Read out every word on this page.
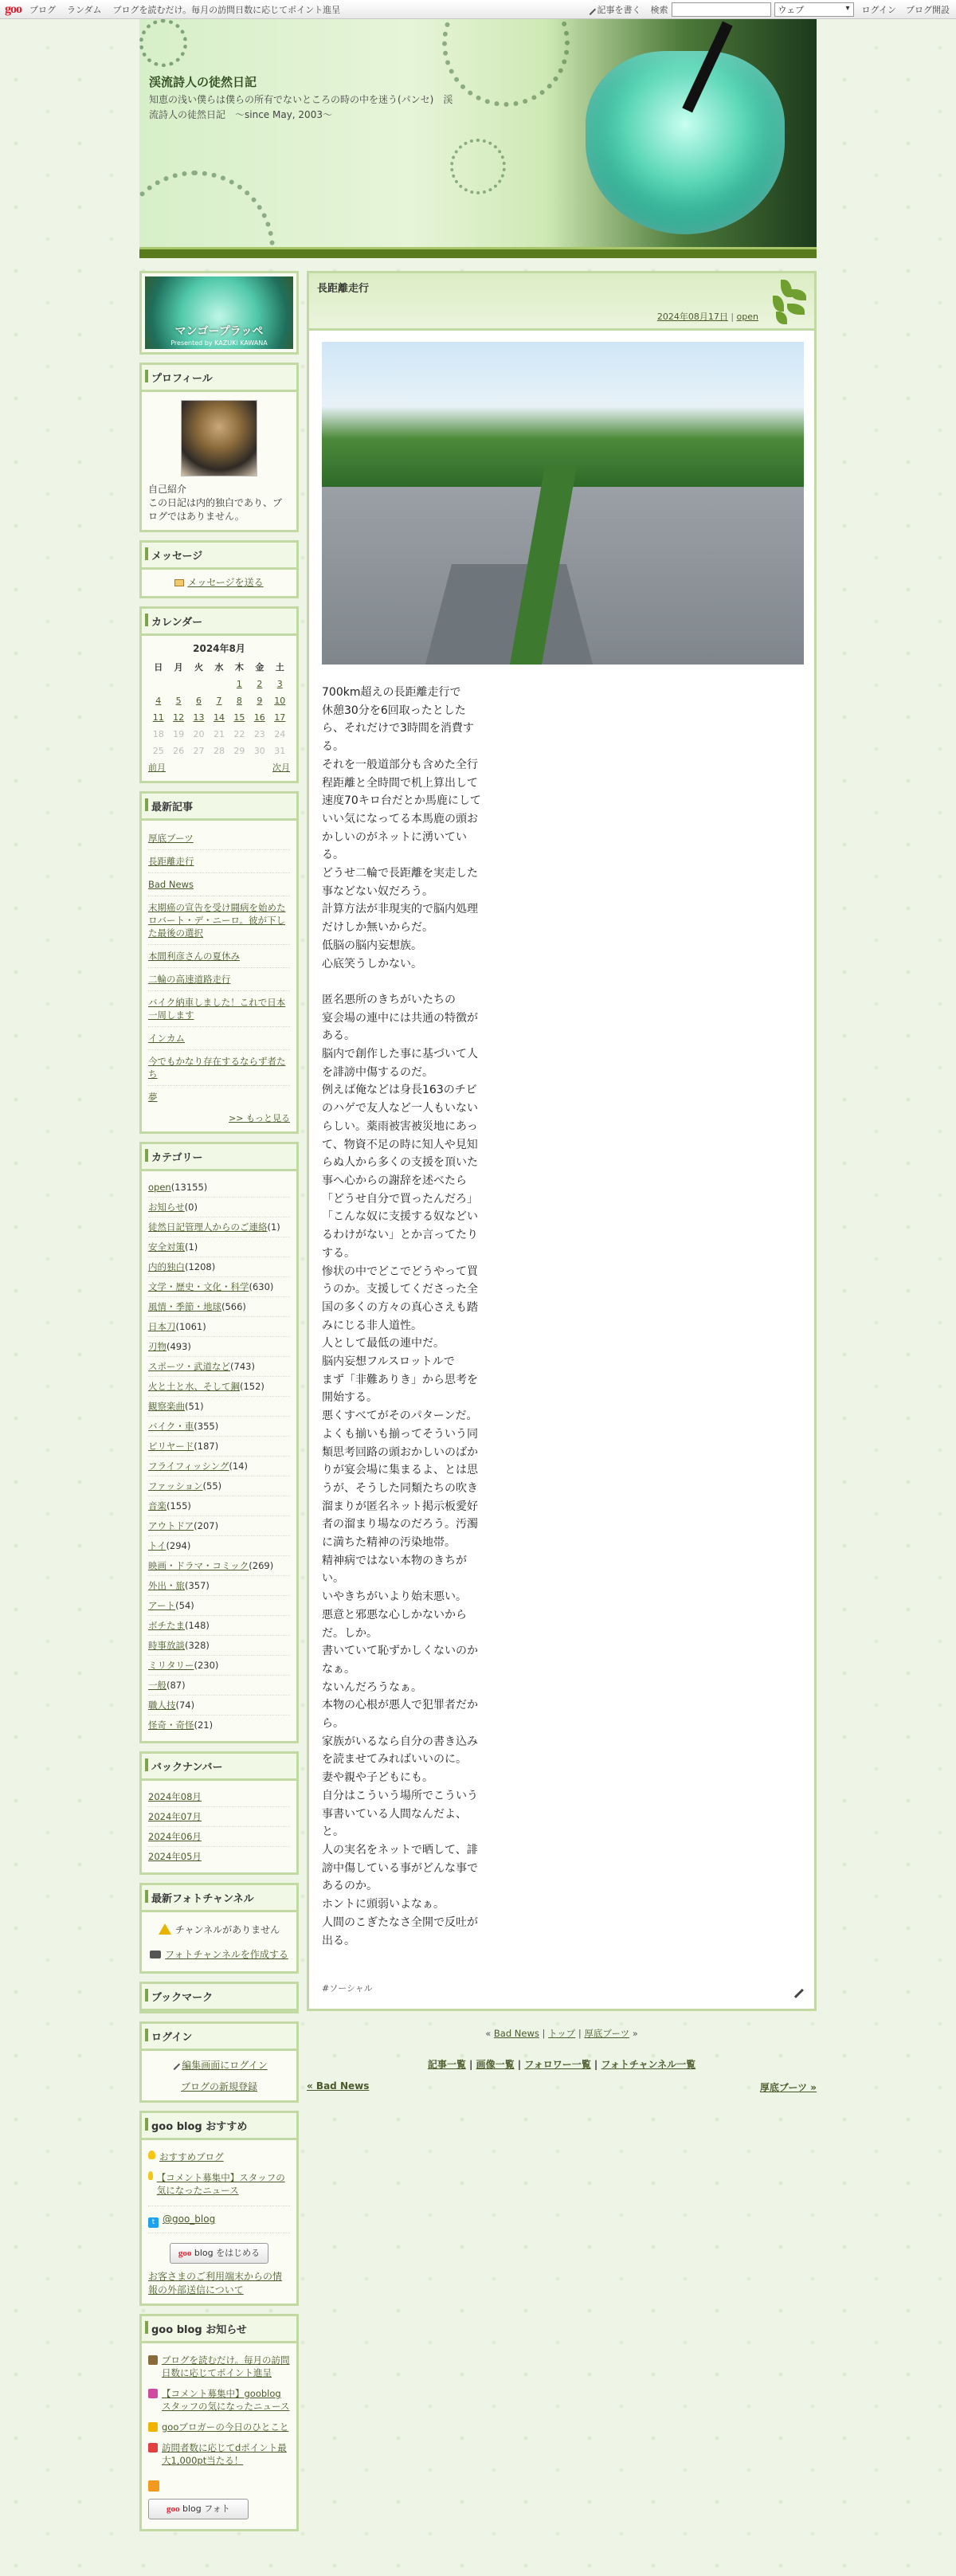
goo ブログ ランダム ブログを読むだけ。毎月の訪問日数に応じてポイント進呈	記事を書く 検索	ウェブ ▾	ログイン ブログ開設
渓流詩人の徒然日記
知恵の浅い僕らは僕らの所有でないところの時の中を迷う(パンセ)　渓流詩人の徒然日記　～since May, 2003～
マンゴープラッペ
Presented by KAZUKI KAWANA
プロフィール
自己紹介
この日記は内的独白であり、ブログではありません。
メッセージ
メッセージを送る
カレンダー
2024年8月
日	月	火	水	木	金	土
				1	2	3
4	5	6	7	8	9	10
11	12	13	14	15	16	17
18	19	20	21	22	23	24
25	26	27	28	29	30	31
前月	次月
最新記事
厚底ブーツ
長距離走行
Bad News
末期癌の宣告を受け闘病を始めたロバート・デ・ニーロ。彼が下した最後の選択
本間利彦さんの夏休み
二輪の高速道路走行
バイク納車しました！これで日本一周します
インカム
今でもかなり存在するならず者たち
夢
>> もっと見る
カテゴリー
open(13155)
お知らせ(0)
徒然日記管理人からのご連絡(1)
安全対策(1)
内的独白(1208)
文学・歴史・文化・科学(630)
風情・季節・地球(566)
日本刀(1061)
刃物(493)
スポーツ・武道など(743)
火と土と水、そして鋼(152)
観察楽曲(51)
バイク・車(355)
ビリヤード(187)
フライフィッシング(14)
ファッション(55)
音楽(155)
アウトドア(207)
トイ(294)
映画・ドラマ・コミック(269)
外出・旅(357)
アート(54)
ボチたま(148)
時事放談(328)
ミリタリー(230)
一般(87)
職人技(74)
怪奇・奇怪(21)
バックナンバー
2024年08月
2024年07月
2024年06月
2024年05月
最新フォトチャンネル
チャンネルがありません
フォトチャンネルを作成する
ブックマーク
ログイン
編集画面にログイン
ブログの新規登録
goo blog おすすめ
おすすめブログ
【コメント募集中】スタッフの気になったニュース
t @goo_blog
goo blog をはじめる
お客さまのご利用端末からの情報の外部送信について
goo blog お知らせ
ブログを読むだけ。毎月の訪問日数に応じてポイント進呈
【コメント募集中】gooblogスタッフの気になったニュース
gooブロガーの今日のひとこと
訪問者数に応じてdポイント最大1,000pt当たる！
goo blog フォト
長距離走行
2024年08月17日 | open
700km超えの長距離走行で
休憩30分を6回取ったとしたら、それだけで3時間を消費する。
それを一般道部分も含めた全行程距離と全時間で机上算出して速度70キロ台だとか馬鹿にしていい気になってる本馬鹿の頭おかしいのがネットに湧いている。
どうせ二輪で長距離を実走した事などない奴だろう。
計算方法が非現実的で脳内処理だけしか無いからだ。
低脳の脳内妄想族。
心底笑うしかない。

匿名悪所のきちがいたちの
宴会場の連中には共通の特徴がある。
脳内で創作した事に基づいて人を誹謗中傷するのだ。
例えば俺などは身長163のチビのハゲで友人など一人もいないらしい。薬雨被害被災地にあって、物資不足の時に知人や見知らぬ人から多くの支援を頂いた事へ心からの謝辞を述べたら「どうせ自分で買ったんだろ」「こんな奴に支援する奴などいるわけがない」とか言ってたりする。
惨状の中でどこでどうやって買うのか。支援してくださった全国の多くの方々の真心さえも踏みにじる非人道性。
人として最低の連中だ。
脳内妄想フルスロットルで
まず「非難ありき」から思考を開始する。
悪くすべてがそのパターンだ。
よくも揃いも揃ってそういう同類思考回路の頭おかしいのばかりが宴会場に集まるよ、とは思うが、そうした同類たちの吹き溜まりが匿名ネット掲示板愛好者の溜まり場なのだろう。汚濁に満ちた精神の汚染地帯。
精神病ではない本物のきちがい。
いやきちがいより始末悪い。
悪意と邪悪な心しかないからだ。しか。
書いていて恥ずかしくないのかなぁ。
ないんだろうなぁ。
本物の心根が悪人で犯罪者だから。
家族がいるなら自分の書き込みを読ませてみればいいのに。
妻や親や子どもにも。
自分はこういう場所でこういう事書いている人間なんだよ、と。
人の実名をネットで晒して、誹謗中傷している事がどんな事であるのか。
ホントに頭弱いよなぁ。
人間のこぎたなさ全開で反吐が出る。
#ソーシャル
« Bad News | トップ | 厚底ブーツ »
記事一覧 | 画像一覧 | フォロワー一覧 | フォトチャンネル一覧
« Bad News	厚底ブーツ »
